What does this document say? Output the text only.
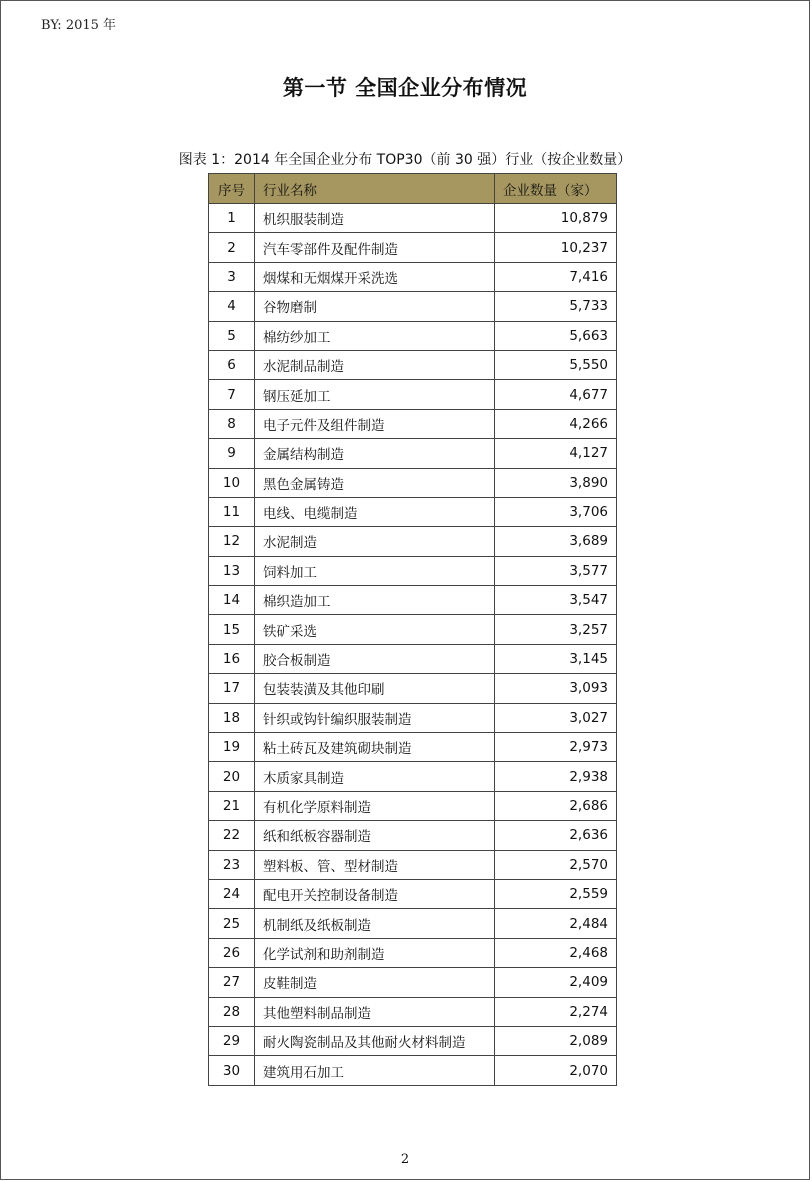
BY: 2015 年
第一节 全国企业分布情况
图表 1：2014 年全国企业分布 TOP30（前 30 强）行业（按企业数量）
序号	行业名称	企业数量（家）
1	机织服装制造	10,879
2	汽车零部件及配件制造	10,237
3	烟煤和无烟煤开采洗选	7,416
4	谷物磨制	5,733
5	棉纺纱加工	5,663
6	水泥制品制造	5,550
7	钢压延加工	4,677
8	电子元件及组件制造	4,266
9	金属结构制造	4,127
10	黑色金属铸造	3,890
11	电线、电缆制造	3,706
12	水泥制造	3,689
13	饲料加工	3,577
14	棉织造加工	3,547
15	铁矿采选	3,257
16	胶合板制造	3,145
17	包装装潢及其他印刷	3,093
18	针织或钩针编织服装制造	3,027
19	粘土砖瓦及建筑砌块制造	2,973
20	木质家具制造	2,938
21	有机化学原料制造	2,686
22	纸和纸板容器制造	2,636
23	塑料板、管、型材制造	2,570
24	配电开关控制设备制造	2,559
25	机制纸及纸板制造	2,484
26	化学试剂和助剂制造	2,468
27	皮鞋制造	2,409
28	其他塑料制品制造	2,274
29	耐火陶瓷制品及其他耐火材料制造	2,089
30	建筑用石加工	2,070
2
